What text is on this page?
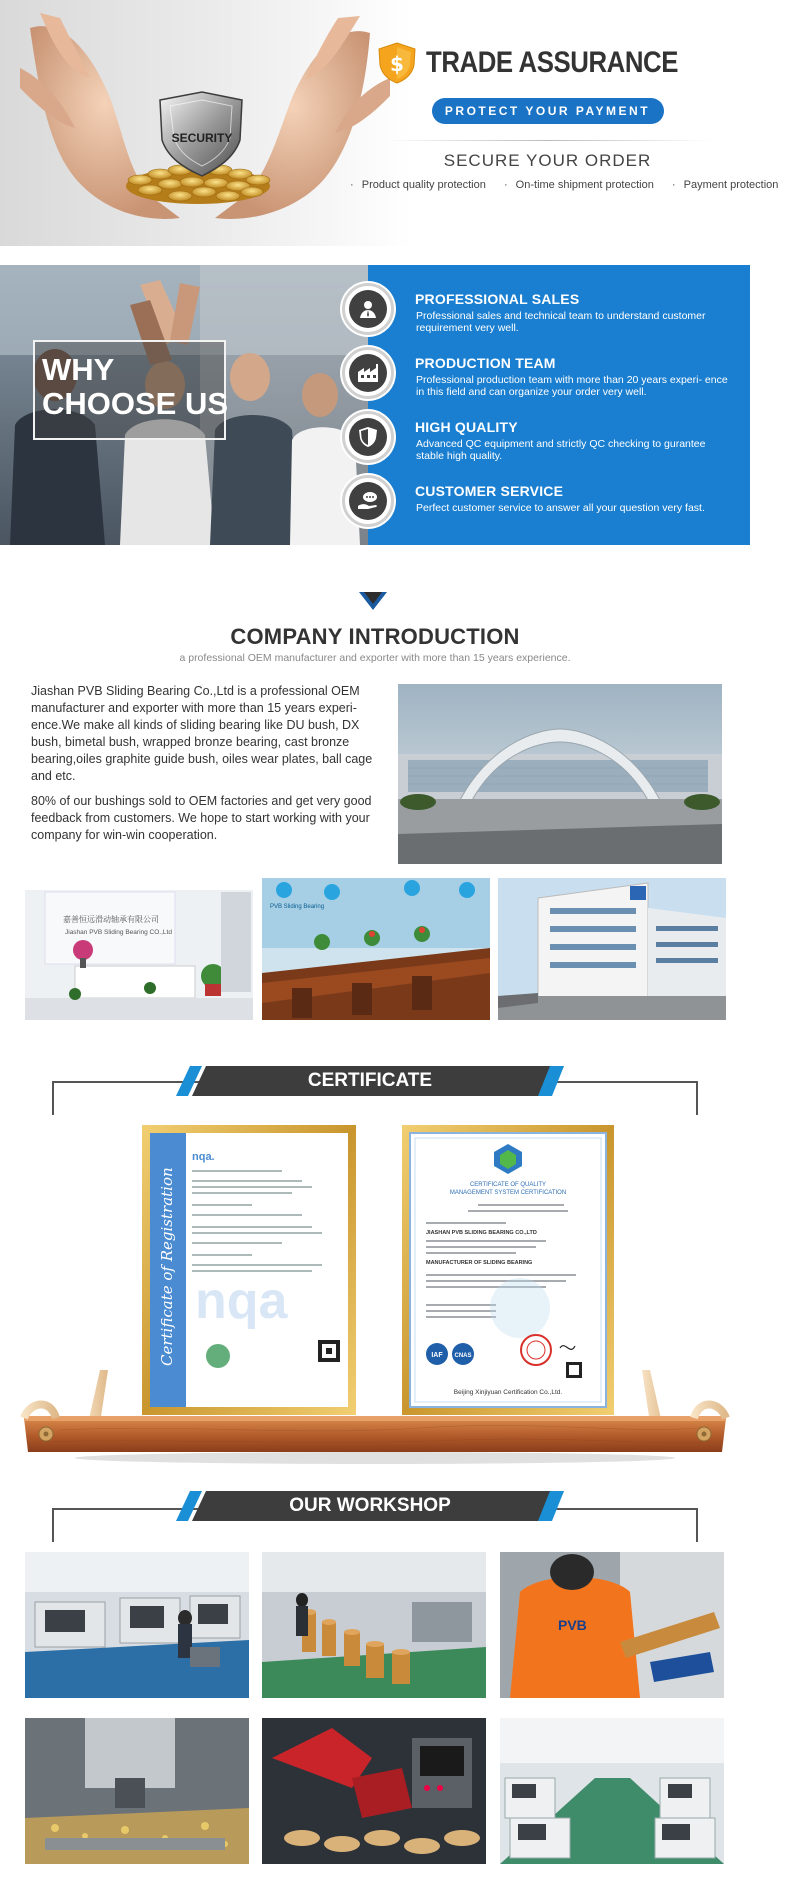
SECURITY
$ TRADE ASSURANCE
PROTECT YOUR PAYMENT
SECURE YOUR ORDER
· Product quality protection · On-time shipment protection · Payment protection
WHY
CHOOSE US
PROFESSIONAL SALES
Professional sales and technical team to understand customer requirement very well.
PRODUCTION TEAM
Professional production team with more than 20 years experi- ence in this field and can organize your order very well.
HIGH QUALITY
Advanced QC equipment and strictly QC checking to gurantee stable high quality.
CUSTOMER SERVICE
Perfect customer service to answer all your question very fast.
COMPANY INTRODUCTION

a professional OEM manufacturer and exporter with more than 15 years experience.

Jiashan PVB Sliding Bearing Co.,Ltd is a professional OEM manufacturer and exporter with more than 15 years experi- ence.We make all kinds of sliding bearing like DU bush, DX bush, bimetal bush, wrapped bronze bearing, cast bronze bearing,oiles graphite guide bush, oiles wear plates, ball cage and etc.

80% of our bushings sold to OEM factories and get very good feedback from customers. We hope to start working with your company for win-win cooperation.

嘉善恒远滑动轴承有限公司
Jiashan PVB Sliding Bearing CO.,Ltd
PVB Sliding Bearing
CERTIFICATE
Certificate of Registration
nqa.
nqa
CERTIFICATE OF QUALITY
MANAGEMENT SYSTEM CERTIFICATION
JIASHAN PVB SLIDING BEARING CO.,LTD
MANUFACTURER OF SLIDING BEARING
IAF CNAS
Beijing Xinjiyuan Certification Co.,Ltd.
OUR WORKSHOP
PVB
